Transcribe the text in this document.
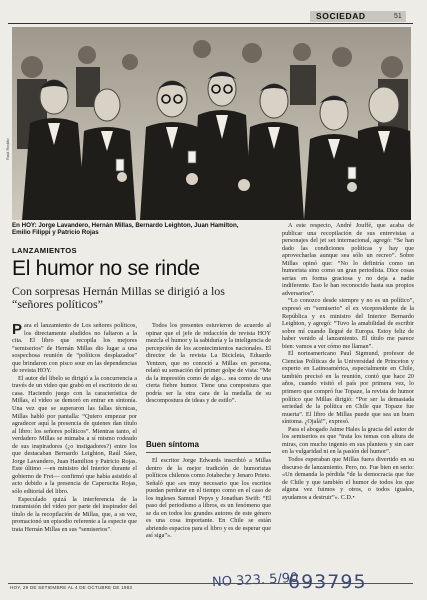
SOCIEDAD	51
Raúl Rodillo
En HOY: Jorge Lavandero, Hernán Millas, Bernardo Leighton, Juan Hamilton, Emilio Filippi y Patricio Rojas
LANZAMIENTOS
El humor no se rinde
Con sorpresas Hernán Millas se dirigió a los “señores políticos”

Para el lanzamiento de Los señores políticos, los directamente aludidos no faltaron a la cita. El libro que recopila los mejores “semiserios” de Hernán Millas dio lugar a una sospechosa reunión de “políticos desplazados” que brindaron con pisco sour en las dependencias de revista HOY.

El autor del libelo se dirigió a la concurrencia a través de un video que grabó en el escritorio de su casa. Haciendo juego con la característica de Millas, el video se demoró en entrar en sintonía. Una vez que se superaron las fallas técnicas, Millas habló por pantalla: “Quiero empezar por agradecer aquí la presencia de quienes dan título al libro: los señores políticos”. Mientras tanto, el verdadero Millas se mimaba a sí mismo rodeado de sus inspiradores (¿o instigadores?) entre los que destacaban Bernardo Leighton, Raúl Sáez, Jorge Lavandero, Juan Hamilton y Patricio Rojas. Este último —en ministro del Interior durante el gobierno de Frei— confirmó que había asistido al acto debido a la presencia de Caperucita Rojas, sólo editorial del libro.

Especulado quizá la interferencia de la transmisión del video por parte del inspirador del título de la recopilación de Millas, que, a su vez, promacionó un episodio referente a la especie que trata Hernán Millas en sus “semiserios”.

Todos los presentes estuvieron de acuerdo al opinar que el jefe de redacción de revista HOY mezcla el humor y la sabiduría y la inteligencia de percepción de los acontecimientos nacionales. El director de la revista La Bicicleta, Eduardo Yentzen, que no conoció a Millas en persona, relató su sensación del primer golpe de vista: “Me da la impresión como de algo... sea como de una cierta fiebre humor. Tiene una compostura que podría ser la otra cara de la medalla de su descompostura de ideas y de estilo”.

Buen síntoma

El escritor Jorge Edwards inscribió a Millas dentro de la mejor tradición de humoristas políticos chilenos como Jotabeche y Jenaro Prieto. Señaló que «es muy necesario que los escritos puedan perdurar en el tiempo como en el caso de los ingleses Samuel Pepys y Jonathan Swift: “El paso del periodismo a libros, es un fenómeno que se da en todos los grandes autores de este género es una cosa importante. En Chile se están abriendo espacios para el libro y es de esperar que así siga”».

A este respecto, André Jouffé, que acaba de publicar una recopilación de sus entrevistas a personajes del jet set internacional, agregó: “Se han dado las condiciones políticas y hay que aprovecharlas aunque sea sólo un recreo”. Sobre Millas opinó que: “No lo definiría como un humorista sino como un gran periodista. Dice cosas serias en forma graciosa y no deja a nadie indiferente. Eso le han reconocido hasta sus propios adversarios”.

“Lo conozco desde siempre y no es un político”, expresó en “semiserio” el ex vicepresidente de la República y ex ministro del Interior Bernardo Leighton, y agregó: “Tuvo la amabilidad de escribir sobre mí cuando llegué de Europa. Estoy feliz de haber venido al lanzamiento. El título me parece bien: vamos a ver cómo me llaman”.

El norteamericano Paul Sigmund, profesor de Ciencias Políticas de la Universidad de Princeton y experto en Latinoamérica, especialmente en Chile, también precisó en la reunión, contó que hace 20 años, cuando visitó el país por primera vez, lo primero que compró fue Topaze, la revista de humor político que Millas dirigió: “Por ser la demasiada seriedad de la política en Chile que Topaze fue muerta”. El libro de Millas puede que sea un buen síntoma. ¿Ojalá!”, expresó.

Para el abogado Jaime Hales la gracia del autor de los semiserios es que “trata los temas con altura de miras, con mucho ingenio en sus planteos y sin caer en la vulgaridad ni en la pasión del humor”.

Todos esperaban que Millas fuera divertido en su discurso de lanzamiento. Pero, no. Fue bien en serio: «Un demanda la pérdida “de la democracia que fue de Chile y que también el humor de todos los que alguna vez fuimos y otros, o todos iguales, ayudamos a destruir”». C.D.•

HOY, 29 DE SETIEMBRE AL 4 DE OCTUBRE DE 1983	NO 323. 5/90
693795
